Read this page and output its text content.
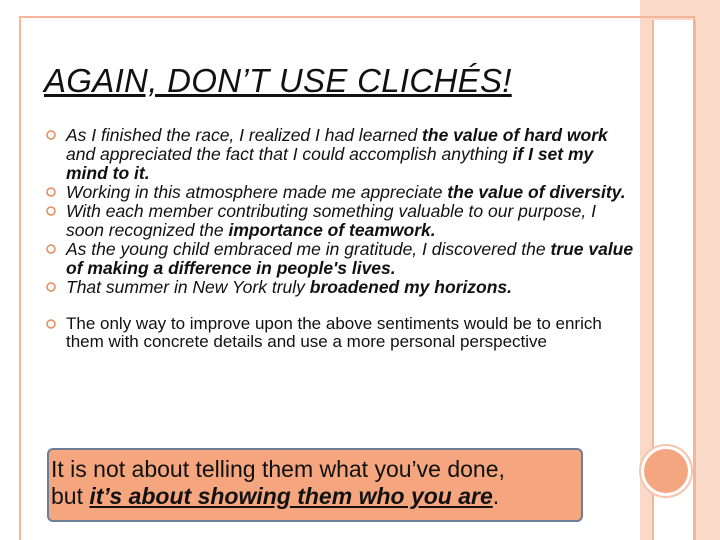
AGAIN, DON’T USE CLICHÉS!
As I finished the race, I realized I had learned the value of hard work and appreciated the fact that I could accomplish anything if I set my mind to it.
Working in this atmosphere made me appreciate the value of diversity.
With each member contributing something valuable to our purpose, I soon recognized the importance of teamwork.
As the young child embraced me in gratitude, I discovered the true value of making a difference in people's lives.
That summer in New York truly broadened my horizons.
The only way to improve upon the above sentiments would be to enrich them with concrete details and use a more personal perspective
It is not about telling them what you’ve done,
but it’s about showing them who you are.
